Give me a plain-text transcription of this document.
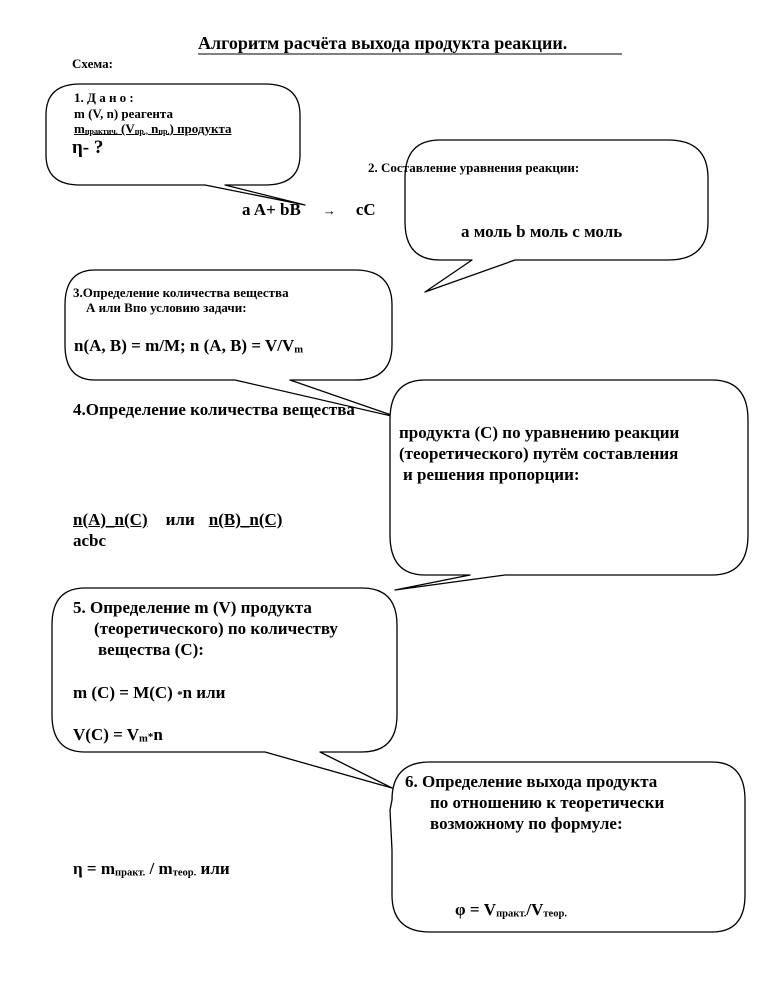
Алгоритм расчёта выхода продукта реакции.
Схема:
1. Д а н о :
m (V, n) реагента
$m_{практич.}$ ($V_{пр.,}$ $n_{пр.}$) продукта
η- ?
2. Составление уравнения реакции:
a A+ bB → cC
а моль b моль с моль
3.Определение количества вещества
А или Впо условию задачи:
n(A, B) = m/M; n (A, $B) = V/V_m$
4.Определение количества вещества
продукта (С) по уравнению реакции
(теоретического) путём составления
и решения пропорции:
n(A)_n(C) или n(B)_n(C)
acbc
5. Определение m (V) продукта
(теоретического) по количеству
вещества (С):
m (C) = M(C) *n или
$V(C) = V_m*n$
6. Определение выхода продукта
по отношению к теоретически
возможному по формуле:
$\eta = m_{практ.} / m_{теор.}$ или
$\varphi = V_{практ.}/V_{теор.}$
